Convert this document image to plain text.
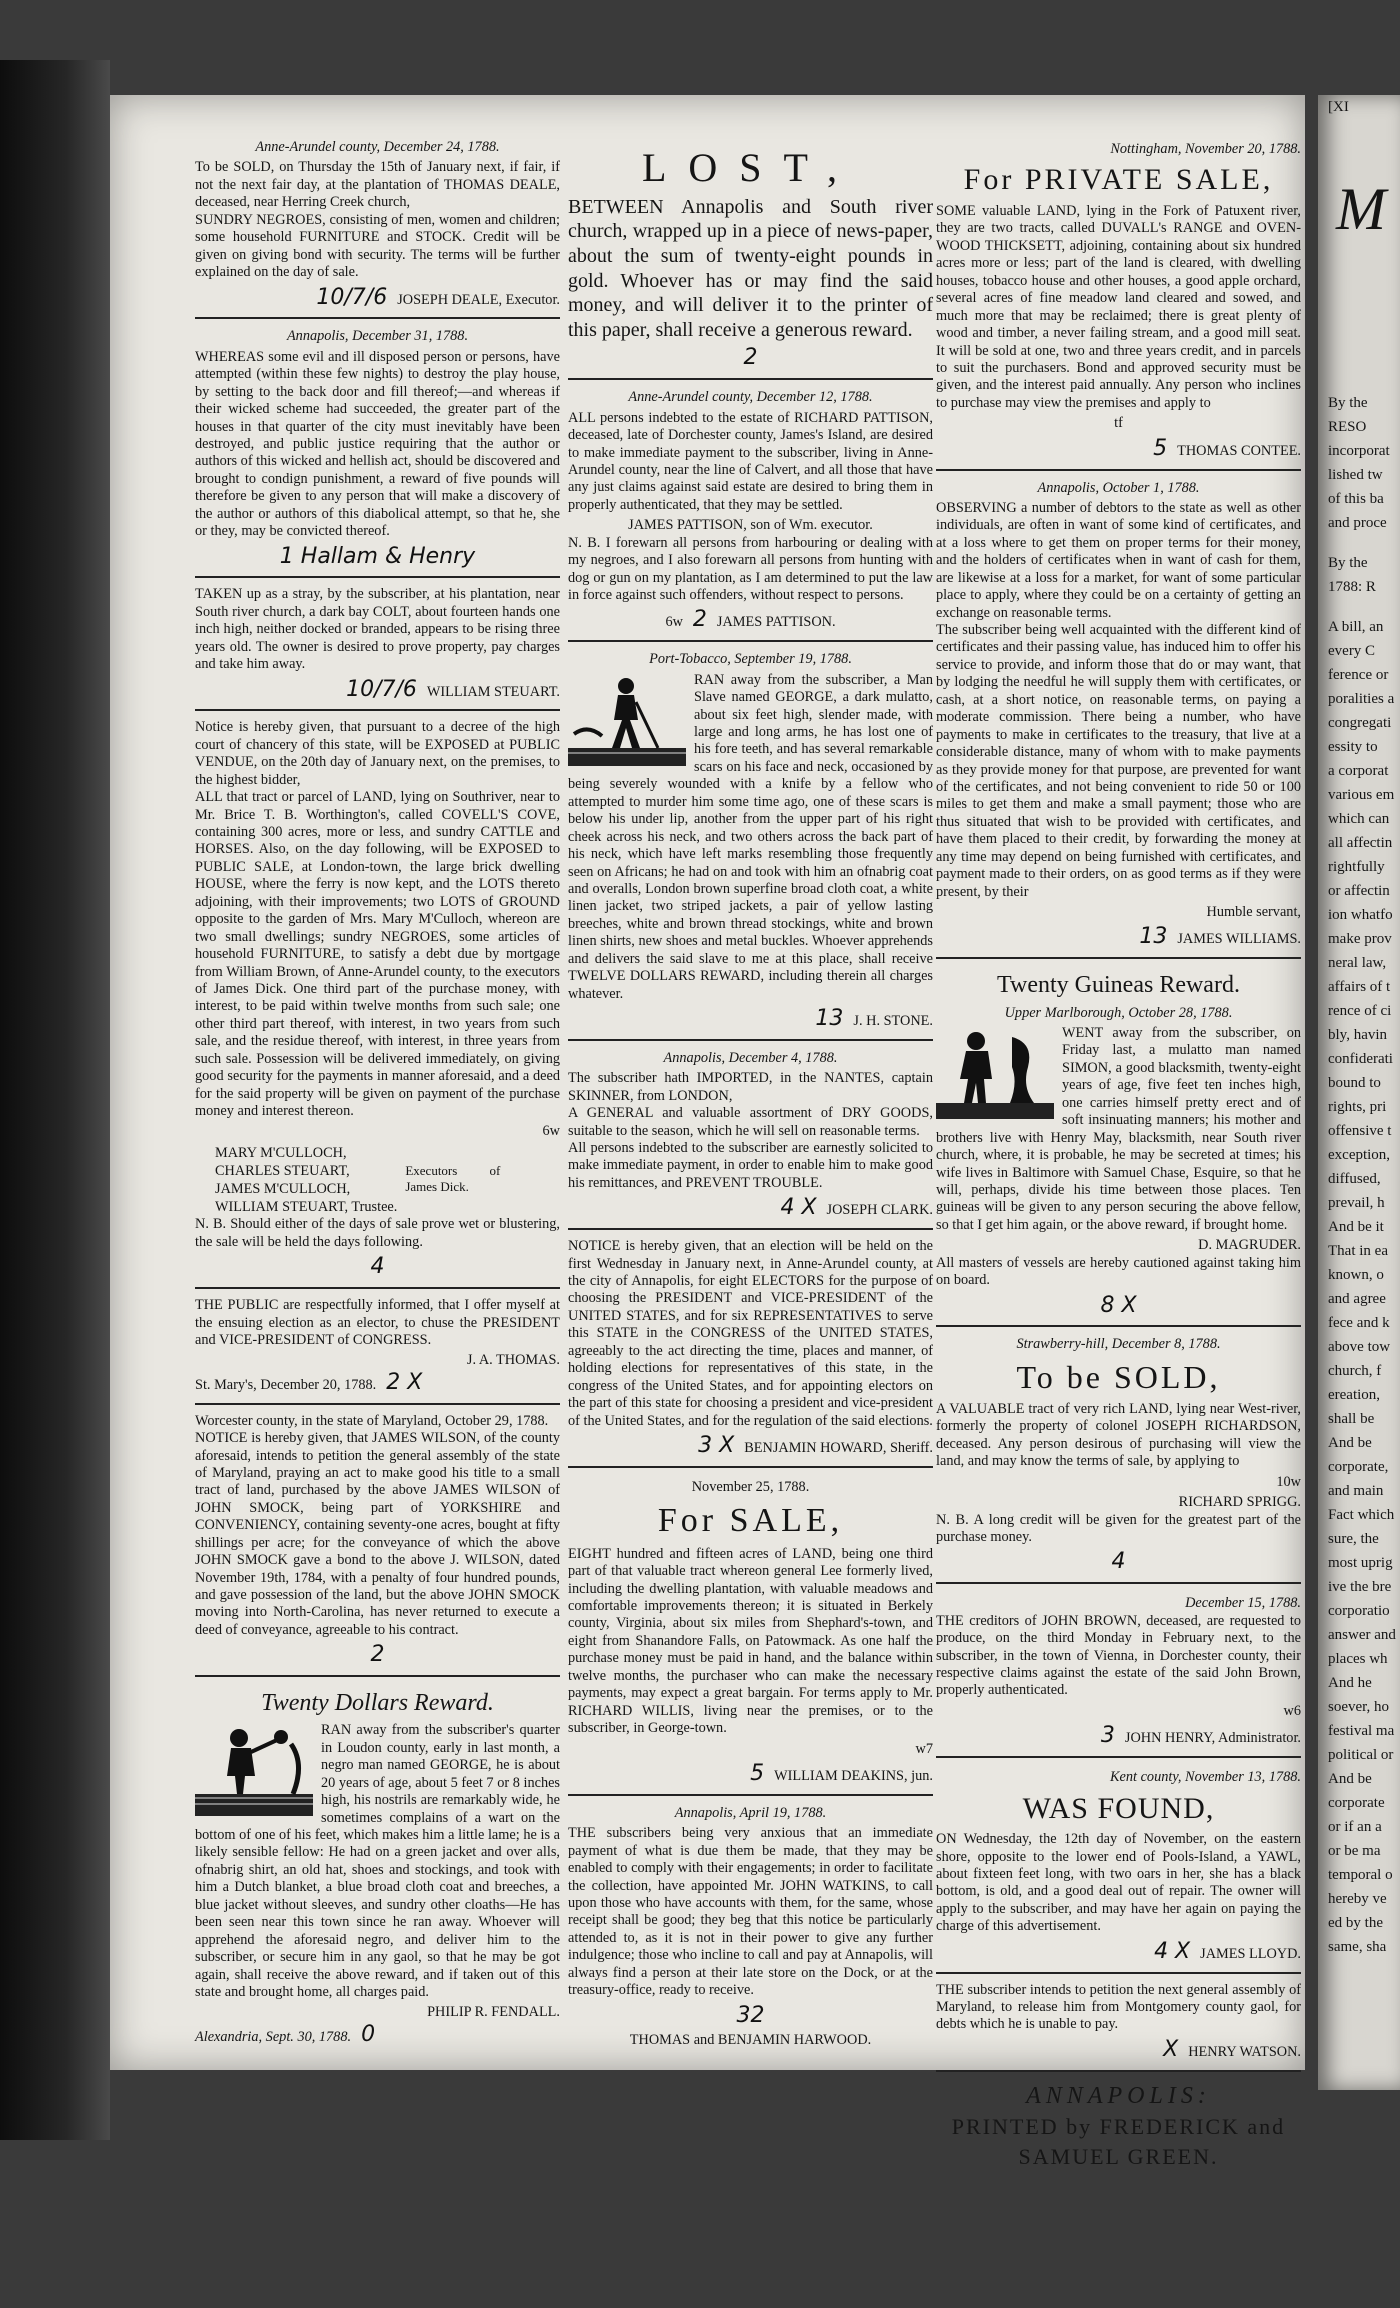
Anne-Arundel county, December 24, 1788.
To be SOLD, on Thursday the 15th of January next, if fair, if not the next fair day, at the plantation of THOMAS DEALE, deceased, near Herring Creek church,
SUNDRY NEGROES, consisting of men, women and children; some household FURNITURE and STOCK. Credit will be given on giving bond with security. The terms will be further explained on the day of sale.
10/7/6 JOSEPH DEALE, Executor.
Annapolis, December 31, 1788.
WHEREAS some evil and ill disposed person or persons, have attempted (within these few nights) to destroy the play house, by setting to the back door and fill thereof;—and whereas if their wicked scheme had succeeded, the greater part of the houses in that quarter of the city must inevitably have been destroyed, and public justice requiring that the author or authors of this wicked and hellish act, should be discovered and brought to condign punishment, a reward of five pounds will therefore be given to any person that will make a discovery of the author or authors of this diabolical attempt, so that he, she or they, may be convicted thereof.
1 Hallam & Henry
TAKEN up as a stray, by the subscriber, at his plantation, near South river church, a dark bay COLT, about fourteen hands one inch high, neither docked or branded, appears to be rising three years old. The owner is desired to prove property, pay charges and take him away.
10/7/6 WILLIAM STEUART.
Notice is hereby given, that pursuant to a decree of the high court of chancery of this state, will be EXPOSED at PUBLIC VENDUE, on the 20th day of January next, on the premises, to the highest bidder,
ALL that tract or parcel of LAND, lying on Southriver, near to Mr. Brice T. B. Worthington's, called COVELL'S COVE, containing 300 acres, more or less, and sundry CATTLE and HORSES. Also, on the day following, will be EXPOSED to PUBLIC SALE, at London-town, the large brick dwelling HOUSE, where the ferry is now kept, and the LOTS thereto adjoining, with their improvements; two LOTS of GROUND opposite to the garden of Mrs. Mary M'Culloch, whereon are two small dwellings; sundry NEGROES, some articles of household FURNITURE, to satisfy a debt due by mortgage from William Brown, of Anne-Arundel county, to the executors of James Dick. One third part of the purchase money, with interest, to be paid within twelve months from such sale; one other third part thereof, with interest, in two years from such sale, and the residue thereof, with interest, in three years from such sale. Possession will be delivered immediately, on giving good security for the payments in manner aforesaid, and a deed for the said property will be given on payment of the purchase money and interest thereon.
6w
MARY M'CULLOCH,
CHARLES STEUART,
JAMES M'CULLOCH,
WILLIAM STEUART, Trustee.
Executors of James Dick.
N. B. Should either of the days of sale prove wet or blustering, the sale will be held the days following.
4
THE PUBLIC are respectfully informed, that I offer myself at the ensuing election as an elector, to chuse the PRESIDENT and VICE-PRESIDENT of CONGRESS.
J. A. THOMAS.
St. Mary's, December 20, 1788. 2 X
Worcester county, in the state of Maryland, October 29, 1788.
NOTICE is hereby given, that JAMES WILSON, of the county aforesaid, intends to petition the general assembly of the state of Maryland, praying an act to make good his title to a small tract of land, purchased by the above JAMES WILSON of JOHN SMOCK, being part of YORKSHIRE and CONVENIENCY, containing seventy-one acres, bought at fifty shillings per acre; for the conveyance of which the above JOHN SMOCK gave a bond to the above J. WILSON, dated November 19th, 1784, with a penalty of four hundred pounds, and gave possession of the land, but the above JOHN SMOCK moving into North-Carolina, has never returned to execute a deed of conveyance, agreeable to his contract.
2
Twenty Dollars Reward.
RAN away from the subscriber's quarter in Loudon county, early in last month, a negro man named GEORGE, he is about 20 years of age, about 5 feet 7 or 8 inches high, his nostrils are remarkably wide, he sometimes complains of a wart on the bottom of one of his feet, which makes him a little lame; he is a likely sensible fellow: He had on a green jacket and over alls, ofnabrig shirt, an old hat, shoes and stockings, and took with him a Dutch blanket, a blue broad cloth coat and breeches, a blue jacket without sleeves, and sundry other cloaths—He has been seen near this town since he ran away. Whoever will apprehend the aforesaid negro, and deliver him to the subscriber, or secure him in any gaol, so that he may be got again, shall receive the above reward, and if taken out of this state and brought home, all charges paid.
PHILIP R. FENDALL.
Alexandria, Sept. 30, 1788. 0
LOST,
BETWEEN Annapolis and South river church, wrapped up in a piece of news-paper, about the sum of twenty-eight pounds in gold. Whoever has or may find the said money, and will deliver it to the printer of this paper, shall receive a generous reward.
2
Anne-Arundel county, December 12, 1788.
ALL persons indebted to the estate of RICHARD PATTISON, deceased, late of Dorchester county, James's Island, are desired to make immediate payment to the subscriber, living in Anne-Arundel county, near the line of Calvert, and all those that have any just claims against said estate are desired to bring them in properly authenticated, that they may be settled.
JAMES PATTISON, son of Wm. executor.
N. B. I forewarn all persons from harbouring or dealing with my negroes, and I also forewarn all persons from hunting with dog or gun on my plantation, as I am determined to put the law in force against such offenders, without respect to persons.
6w 2 JAMES PATTISON.
Port-Tobacco, September 19, 1788.
RAN away from the subscriber, a Man Slave named GEORGE, a dark mulatto, about six feet high, slender made, with large and long arms, he has lost one of his fore teeth, and has several remarkable scars on his face and neck, occasioned by being severely wounded with a knife by a fellow who attempted to murder him some time ago, one of these scars is below his under lip, another from the upper part of his right cheek across his neck, and two others across the back part of his neck, which have left marks resembling those frequently seen on Africans; he had on and took with him an ofnabrig coat and overalls, London brown superfine broad cloth coat, a white linen jacket, two striped jackets, a pair of yellow lasting breeches, white and brown thread stockings, white and brown linen shirts, new shoes and metal buckles. Whoever apprehends and delivers the said slave to me at this place, shall receive TWELVE DOLLARS REWARD, including therein all charges whatever.
13 J. H. STONE.
Annapolis, December 4, 1788.
The subscriber hath IMPORTED, in the NANTES, captain SKINNER, from LONDON,
A GENERAL and valuable assortment of DRY GOODS, suitable to the season, which he will sell on reasonable terms.
All persons indebted to the subscriber are earnestly solicited to make immediate payment, in order to enable him to make good his remittances, and PREVENT TROUBLE.
4 X JOSEPH CLARK.
NOTICE is hereby given, that an election will be held on the first Wednesday in January next, in Anne-Arundel county, at the city of Annapolis, for eight ELECTORS for the purpose of choosing the PRESIDENT and VICE-PRESIDENT of the UNITED STATES, and for six REPRESENTATIVES to serve this STATE in the CONGRESS of the UNITED STATES, agreeably to the act directing the time, places and manner, of holding elections for representatives of this state, in the congress of the United States, and for appointing electors on the part of this state for choosing a president and vice-president of the United States, and for the regulation of the said elections.
3 X BENJAMIN HOWARD, Sheriff.
November 25, 1788.
For SALE,
EIGHT hundred and fifteen acres of LAND, being one third part of that valuable tract whereon general Lee formerly lived, including the dwelling plantation, with valuable meadows and comfortable improvements thereon; it is situated in Berkely county, Virginia, about six miles from Shephard's-town, and eight from Shanandore Falls, on Patowmack. As one half the purchase money must be paid in hand, and the balance within twelve months, the purchaser who can make the necessary payments, may expect a great bargain. For terms apply to Mr. RICHARD WILLIS, living near the premises, or to the subscriber, in George-town.
w7
5 WILLIAM DEAKINS, jun.
Annapolis, April 19, 1788.
THE subscribers being very anxious that an immediate payment of what is due them be made, that they may be enabled to comply with their engagements; in order to facilitate the collection, have appointed Mr. JOHN WATKINS, to call upon those who have accounts with them, for the same, whose receipt shall be good; they beg that this notice be particularly attended to, as it is not in their power to give any further indulgence; those who incline to call and pay at Annapolis, will always find a person at their late store on the Dock, or at the treasury-office, ready to receive.
32
THOMAS and BENJAMIN HARWOOD.
Nottingham, November 20, 1788.
For PRIVATE SALE,
SOME valuable LAND, lying in the Fork of Patuxent river, they are two tracts, called DUVALL's RANGE and OVEN-WOOD THICKSETT, adjoining, containing about six hundred acres more or less; part of the land is cleared, with dwelling houses, tobacco house and other houses, a good apple orchard, several acres of fine meadow land cleared and sowed, and much more that may be reclaimed; there is great plenty of wood and timber, a never failing stream, and a good mill seat. It will be sold at one, two and three years credit, and in parcels to suit the purchasers. Bond and approved security must be given, and the interest paid annually. Any person who inclines to purchase may view the premises and apply to
tf
5 THOMAS CONTEE.
Annapolis, October 1, 1788.
OBSERVING a number of debtors to the state as well as other individuals, are often in want of some kind of certificates, and at a loss where to get them on proper terms for their money, and the holders of certificates when in want of cash for them, are likewise at a loss for a market, for want of some particular place to apply, where they could be on a certainty of getting an exchange on reasonable terms.
The subscriber being well acquainted with the different kind of certificates and their passing value, has induced him to offer his service to provide, and inform those that do or may want, that by lodging the needful he will supply them with certificates, or cash, at a short notice, on reasonable terms, on paying a moderate commission. There being a number, who have payments to make in certificates to the treasury, that live at a considerable distance, many of whom with to make payments as they provide money for that purpose, are prevented for want of the certificates, and not being convenient to ride 50 or 100 miles to get them and make a small payment; those who are thus situated that wish to be provided with certificates, and have them placed to their credit, by forwarding the money at any time may depend on being furnished with certificates, and payment made to their orders, on as good terms as if they were present, by their
Humble servant,
13 JAMES WILLIAMS.
Twenty Guineas Reward.
Upper Marlborough, October 28, 1788.
WENT away from the subscriber, on Friday last, a mulatto man named SIMON, a good blacksmith, twenty-eight years of age, five feet ten inches high, one carries himself pretty erect and of soft insinuating manners; his mother and brothers live with Henry May, blacksmith, near South river church, where, it is probable, he may be secreted at times; his wife lives in Baltimore with Samuel Chase, Esquire, so that he will, perhaps, divide his time between those places. Ten guineas will be given to any person securing the above fellow, so that I get him again, or the above reward, if brought home.
D. MAGRUDER.
All masters of vessels are hereby cautioned against taking him on board.
8 X
Strawberry-hill, December 8, 1788.
To be SOLD,
A VALUABLE tract of very rich LAND, lying near West-river, formerly the property of colonel JOSEPH RICHARDSON, deceased. Any person desirous of purchasing will view the land, and may know the terms of sale, by applying to
10w
RICHARD SPRIGG.
N. B. A long credit will be given for the greatest part of the purchase money.
4
December 15, 1788.
THE creditors of JOHN BROWN, deceased, are requested to produce, on the third Monday in February next, to the subscriber, in the town of Vienna, in Dorchester county, their respective claims against the estate of the said John Brown, properly authenticated.
w6
3 JOHN HENRY, Administrator.
Kent county, November 13, 1788.
WAS FOUND,
ON Wednesday, the 12th day of November, on the eastern shore, opposite to the lower end of Pools-Island, a YAWL, about fixteen feet long, with two oars in her, she has a black bottom, is old, and a good deal out of repair. The owner will apply to the subscriber, and may have her again on paying the charge of this advertisement.
4 X JAMES LLOYD.
THE subscriber intends to petition the next general assembly of Maryland, to release him from Montgomery county gaol, for debts which he is unable to pay.
XHENRY WATSON.
ANNAPOLIS:
PRINTED by FREDERICK and
SAMUEL GREEN.
[XI
M
By the
RESO
incorporat
lished tw
of this ba
and proce
By the
1788: R
A bill, an
every C
ference or
poralities a
congregati
essity to
a corporat
various em
which can
all affectin
rightfully
or affectin
ion whatfo
make prov
neral law,
affairs of t
rence of ci
bly, havin
confiderati
bound to
rights, pri
offensive t
exception,
diffused,
prevail, h
And be it
That in ea
known, o
and agree
fece and k
above tow
church, f
ereation,
shall be
And be
corporate,
and main
Fact which
sure, the
most uprig
ive the bre
corporatio
answer and
places wh
And he
soever, ho
festival ma
political or
And be
corporate
or if an a
or be ma
temporal o
hereby ve
ed by the
same, sha
